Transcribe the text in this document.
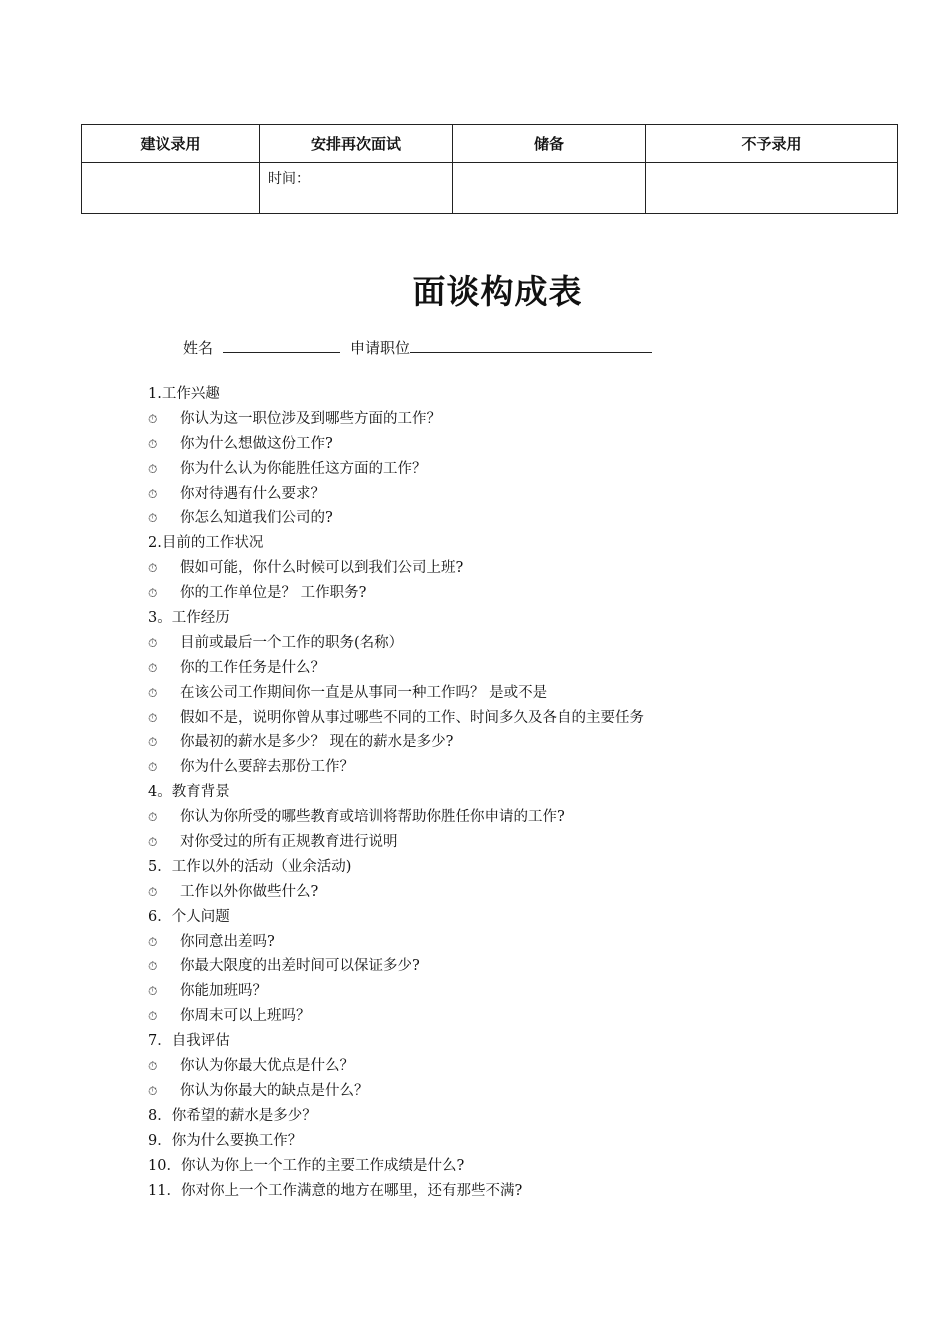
建议录用	安排再次面试	储备	不予录用

	时间：		

面谈构成表
姓名	申请职位
1.工作兴趣
⏱ 你认为这一职位涉及到哪些方面的工作？
⏱ 你为什么想做这份工作?
⏱ 你为什么认为你能胜任这方面的工作？
⏱ 你对待遇有什么要求？
⏱ 你怎么知道我们公司的?
2.目前的工作状况
⏱ 假如可能，你什么时候可以到我们公司上班?
⏱ 你的工作单位是？ 工作职务?
3。工作经历
⏱ 目前或最后一个工作的职务(名称）
⏱ 你的工作任务是什么？
⏱ 在该公司工作期间你一直是从事同一种工作吗？ 是或不是
⏱ 假如不是，说明你曾从事过哪些不同的工作、时间多久及各自的主要任务
⏱ 你最初的薪水是多少？ 现在的薪水是多少?
⏱ 你为什么要辞去那份工作？
4。教育背景
⏱ 你认为你所受的哪些教育或培训将帮助你胜任你申请的工作?
⏱ 对你受过的所有正规教育进行说明
5．工作以外的活动（业余活动)
⏱ 工作以外你做些什么?
6．个人问题
⏱ 你同意出差吗?
⏱ 你最大限度的出差时间可以保证多少?
⏱ 你能加班吗？
⏱ 你周末可以上班吗？
7．自我评估
⏱ 你认为你最大优点是什么？
⏱ 你认为你最大的缺点是什么？
8．你希望的薪水是多少？
9．你为什么要换工作？
10．你认为你上一个工作的主要工作成绩是什么?
11．你对你上一个工作满意的地方在哪里，还有那些不满?
